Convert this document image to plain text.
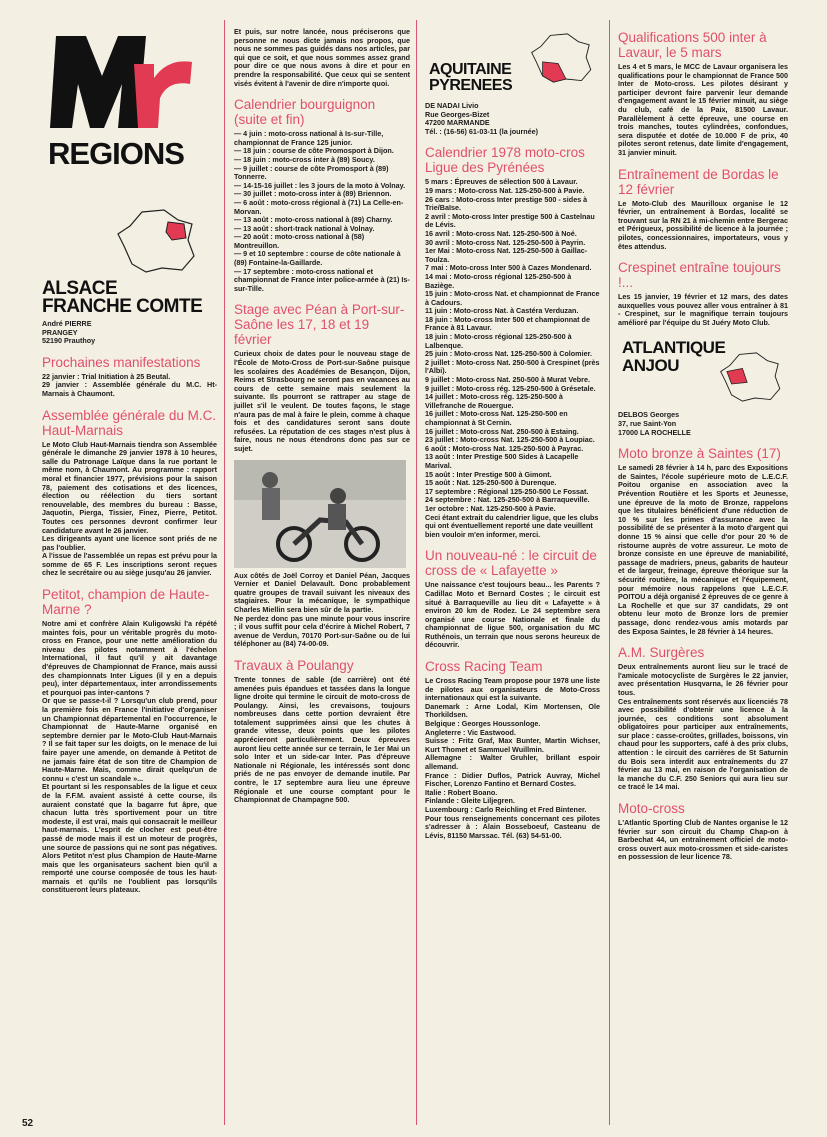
REGIONS
ALSACE
FRANCHE COMTE
André PIERRE
PRANGEY
52190 Prauthoy
Prochaines manifestations

22 janvier : Trial Initiation à 25 Beutal.
29 janvier : Assemblée générale du M.C. Ht-Marnais à Chaumont.

Assemblée générale du M.C. Haut-Marnais

Le Moto Club Haut-Marnais tiendra son Assemblée générale le dimanche 29 janvier 1978 à 10 heures, salle du Patronage Laïque dans la rue portant le même nom, à Chaumont. Au programme : rapport moral et financier 1977, prévisions pour la saison 78, paiement des cotisations et des licences, élection ou réélection du tiers sortant renouvelable, des membres du bureau : Basse, Jaquotin, Pierga, Tissier, Finez, Pierre, Petitot. Toutes ces personnes devront confirmer leur candidature avant le 26 janvier.
Les dirigeants ayant une licence sont priés de ne pas l'oublier.
A l'issue de l'assemblée un repas est prévu pour la somme de 65 F. Les inscriptions seront reçues chez le secrétaire ou au siège jusqu'au 26 janvier.

Petitot, champion de Haute-Marne ?

Notre ami et confrère Alain Kuligowski l'a répété maintes fois, pour un véritable progrès du moto-cross en France, pour une nette amélioration du niveau des pilotes notamment à l'échelon International, il faut qu'il y ait davantage d'épreuves de Championnat de France, mais aussi des championnats Inter Ligues (il y en a depuis peu), inter départementaux, inter arrondissements et pourquoi pas inter-cantons ?
Or que se passe-t-il ? Lorsqu'un club prend, pour la première fois en France l'initiative d'organiser un Championnat départemental en l'occurrence, le Championnat de Haute-Marne organisé en septembre dernier par le Moto-Club Haut-Marnais ? Il se fait taper sur les doigts, on le menace de lui faire payer une amende, on demande à Petitot de ne jamais faire état de son titre de Champion de Haute-Marne. Mais, comme dirait quelqu'un de connu « c'est un scandale »...
Et pourtant si les responsables de la ligue et ceux de la F.F.M. avaient assisté à cette course, ils auraient constaté que la bagarre fut âpre, que chacun lutta très sportivement pour un titre modeste, il est vrai, mais qui consacrait le meilleur haut-marnais. L'esprit de clocher est peut-être passé de mode mais il est un moteur de progrès, une source de passions qui ne sont pas négatives. Alors Petitot n'est plus Champion de Haute-Marne mais que les organisateurs sachent bien qu'il a remporté une course composée de tous les haut-marnais et qu'ils ne l'oublient pas lorsqu'ils constitueront leurs plateaux.

Et puis, sur notre lancée, nous préciserons que personne ne nous dicte jamais nos propos, que nous ne sommes pas guidés dans nos articles, par qui que ce soit, et que nous sommes assez grand pour dire ce que nous avons à dire et pour en prendre la responsabilité. Que ceux qui se sentent visés évitent à l'avenir de dire n'importe quoi.

Calendrier bourguignon (suite et fin)

— 4 juin : moto-cross national à Is-sur-Tille, championnat de France 125 junior.
— 18 juin : course de côte Promosport à Dijon.
— 18 juin : moto-cross inter à (89) Soucy.
— 9 juillet : course de côte Promosport à (89) Tonnerre.
— 14-15-16 juillet : les 3 jours de la moto à Volnay.
— 30 juillet : moto-cross inter à (89) Briennon.
— 6 août : moto-cross régional à (71) La Celle-en-Morvan.
— 13 août : moto-cross national à (89) Charny.
— 13 août : short-track national à Volnay.
— 20 août : moto-cross national à (58) Montreuillon.
— 9 et 10 septembre : course de côte nationale à (89) Fontaine-la-Gaillarde.
— 17 septembre : moto-cross national et championnat de France inter police-armée à (21) Is-sur-Tille.

Stage avec Péan à Port-sur-Saône les 17, 18 et 19 février

Curieux choix de dates pour le nouveau stage de l'École de Moto-Cross de Port-sur-Saône puisque les scolaires des Académies de Besançon, Dijon, Reims et Strasbourg ne seront pas en vacances au cours de cette semaine mais seulement la suivante. Ils pourront se rattraper au stage de juillet s'il le veulent. De toutes façons, le stage n'aura pas de mal à faire le plein, comme à chaque fois et des candidatures seront sans doute refusées. La réputation de ces stages n'est plus à faire, nous ne nous étendrons donc pas sur ce sujet.

Aux côtés de Joël Corroy et Daniel Péan, Jacques Vernier et Daniel Delavault. Donc probablement quatre groupes de travail suivant les niveaux des stagiaires. Pour la mécanique, le sympathique Charles Miellin sera bien sûr de la partie.
Ne perdez donc pas une minute pour vous inscrire ; il vous suffit pour cela d'écrire à Michel Robert, 7 avenue de Verdun, 70170 Port-sur-Saône ou de lui téléphoner au (84) 74-00-09.

Travaux à Poulangy

Trente tonnes de sable (de carrière) ont été amenées puis épandues et tassées dans la longue ligne droite qui termine le circuit de moto-cross de Poulangy. Ainsi, les crevaisons, toujours nombreuses dans cette portion devraient être totalement supprimées ainsi que les chutes à grande vitesse, deux points que les pilotes apprécieront particulièrement. Deux épreuves auront lieu cette année sur ce terrain, le 1er Mai un solo Inter et un side-car Inter. Pas d'épreuve Nationale ni Régionale, les intéressés sont donc priés de ne pas envoyer de demande inutile. Par contre, le 17 septembre aura lieu une épreuve Régionale et une course comptant pour le Championnat de Champagne 500.

AQUITAINE
PYRENEES
DE NADAI Livio
Rue Georges-Bizet
47200 MARMANDE
Tél. : (16-56) 61-03-11 (la journée)
Calendrier 1978 moto-cros Ligue des Pyrénées

5 mars : Épreuves de sélection 500 à Lavaur.
19 mars : Moto-cross Nat. 125-250-500 à Pavie.
26 cars : Moto-cross Inter prestige 500 - sides à Trie/Baïse.
2 avril : Moto-cross Inter prestige 500 à Castelnau de Lévis.
16 avril : Moto-cross Nat. 125-250-500 à Noé.
30 avril : Moto-cross Nat. 125-250-500 à Payrin.
1er Mai : Moto-cross Nat. 125-250-500 à Gaillac-Toulza.
7 mai : Moto-cross Inter 500 à Cazes Mondenard.
14 mai : Moto-cross régional 125-250-500 à Baziège.
15 juin : Moto-cross Nat. et championnat de France à Cadours.
11 juin : Moto-cross Nat. à Castéra Verduzan.
18 juin : Moto-cross Inter 500 et championnat de France à 81 Lavaur.
18 juin : Moto-cross régional 125-250-500 à Lalbenque.
25 juin : Moto-cross Nat. 125-250-500 à Colomier.
2 juillet : Moto-cross Nat. 250-500 à Crespinet (près l'Albi).
9 juillet : Moto-cross Nat. 250-500 à Murat Vebre.
9 juillet : Moto-cross rég. 125-250-500 à Grésetale.
14 juillet : Moto-cross rég. 125-250-500 à Villefranche de Rouergue.
16 juillet : Moto-cross Nat. 125-250-500 en championnat à St Cernin.
16 juillet : Moto-cross Nat. 250-500 à Estaing.
23 juillet : Moto-cross Nat. 125-250-500 à Loupiac.
6 août : Moto-cross Nat. 125-250-500 à Payrac.
13 août : Inter Prestige 500 Sides à Lacapelle Marival.
15 août : Inter Prestige 500 à Gimont.
15 août : Nat. 125-250-500 à Durenque.
17 septembre : Régional 125-250-500 Le Fossat.
24 septembre : Nat. 125-250-500 à Barraqueville.
1er octobre : Nat. 125-250-500 à Pavie.
Ceci étant extrait du calendrier ligue, que les clubs qui ont éventuellement reporté une date veuillent bien vouloir m'en informer, merci.

Un nouveau-né : le circuit de cross de « Lafayette »

Une naissance c'est toujours beau... les Parents ? Cadillac Moto et Bernard Costes ; le circuit est situé à Barraqueville au lieu dit « Lafayette » à environ 20 km de Rodez. Le 24 septembre sera organisé une course Nationale et finale du championnat de ligue 500, organisation du MC Ruthénois, un terrain que nous serons heureux de découvrir.

Cross Racing Team

Le Cross Racing Team propose pour 1978 une liste de pilotes aux organisateurs de Moto-Cross internationaux qui est la suivante.
Danemark : Arne Lodal, Kim Mortensen, Ole Thorkildsen.
Belgique : Georges Houssonloge.
Angleterre : Vic Eastwood.
Suisse : Fritz Graf, Max Bunter, Martin Wichser, Kurt Thomet et Sammuel Wuillmin.
Allemagne : Walter Gruhler, brillant espoir allemand.
France : Didier Duflos, Patrick Auvray, Michel Fischer, Lorenzo Fantino et Bernard Costes.
Italie : Robert Boano.
Finlande : Gleite Liljegren.
Luxembourg : Carlo Reichling et Fred Bintener.
Pour tous renseignements concernant ces pilotes s'adresser à : Alain Bosseboeuf, Casteanu de Lévis, 81150 Marssac. Tél. (63) 54-51-00.

Qualifications 500 inter à Lavaur, le 5 mars

Les 4 et 5 mars, le MCC de Lavaur organisera les qualifications pour le championnat de France 500 Inter de Moto-cross. Les pilotes désirant y participer devront faire parvenir leur demande d'engagement avant le 15 février minuit, au siège du club, café de la Paix, 81500 Lavaur. Parallèlement à cette épreuve, une course en trois manches, toutes cylindrées, confondues, sera disputée et dotée de 10.000 F de prix, 40 pilotes seront retenus, date limite d'engagement, 31 janvier minuit.

Entraînement de Bordas le 12 février

Le Moto-Club des Maurilloux organise le 12 février, un entraînement à Bordas, localité se trouvant sur la RN 21 à mi-chemin entre Bergerac et Périgueux, possibilité de licence à la journée ; pilotes, concessionnaires, importateurs, vous y êtes attendus.

Crespinet entraîne toujours !...

Les 15 janvier, 19 février et 12 mars, des dates auxquelles vous pouvez aller vous entraîner à 81 - Crespinet, sur le magnifique terrain toujours amélioré par l'équipe du St Juéry Moto Club.

ATLANTIQUE
ANJOU
DELBOS Georges
37, rue Saint-Yon
17000 LA ROCHELLE
Moto bronze à Saintes (17)

Le samedi 28 février à 14 h, parc des Expositions de Saintes, l'école supérieure moto de L.E.C.F. Poitou organise en association avec la Prévention Routière et les Sports et Jeunesse, une épreuve de la moto de Bronze, rappelons que les titulaires bénéficient d'une réduction de 10 % sur les primes d'assurance avec la possibilité de se présenter à la moto d'argent qui donne 15 % ainsi que celle d'or pour 20 % de ristourne auprès de votre assureur. Le moto de bronze consiste en une épreuve de maniabilité, passage de madriers, pneus, gabarits de hauteur et de largeur, freinage, épreuve théorique sur la sécurité routière, la mécanique et l'équipement, pour mémoire nous rappelons que L.E.C.F. POITOU a déjà organisé 2 épreuves de ce genre à La Rochelle et que sur 37 candidats, 29 ont obtenu leur moto de Bronze lors de premier passage, donc rendez-vous amis motards par des Exposa Saintes, le 28 février à 14 heures.

A.M. Surgères

Deux entraînements auront lieu sur le tracé de l'amicale motocycliste de Surgères le 22 janvier, avec présentation Husqvarna, le 26 février pour tous.
Ces entraînements sont réservés aux licenciés 78 avec possibilité d'obtenir une licence à la journée, ces conditions sont absolument obligatoires pour participer aux entraînements, sur place : casse-croûtes, grillades, boissons, vin chaud pour les supporters, café à des prix clubs, attention : le circuit des carrières de St Saturnin du Bois sera interdit aux entraînements du 27 février au 13 mai, en raison de l'organisation de la manche du C.F. 250 Seniors qui aura lieu sur ce tracé le 14 mai.

Moto-cross

L'Atlantic Sporting Club de Nantes organise le 12 février sur son circuit du Champ Chap-on à Barbechat 44, un entraînement officiel de moto-cross ouvert aux moto-crossmen et side-caristes en possession de leur licence 78.

52
